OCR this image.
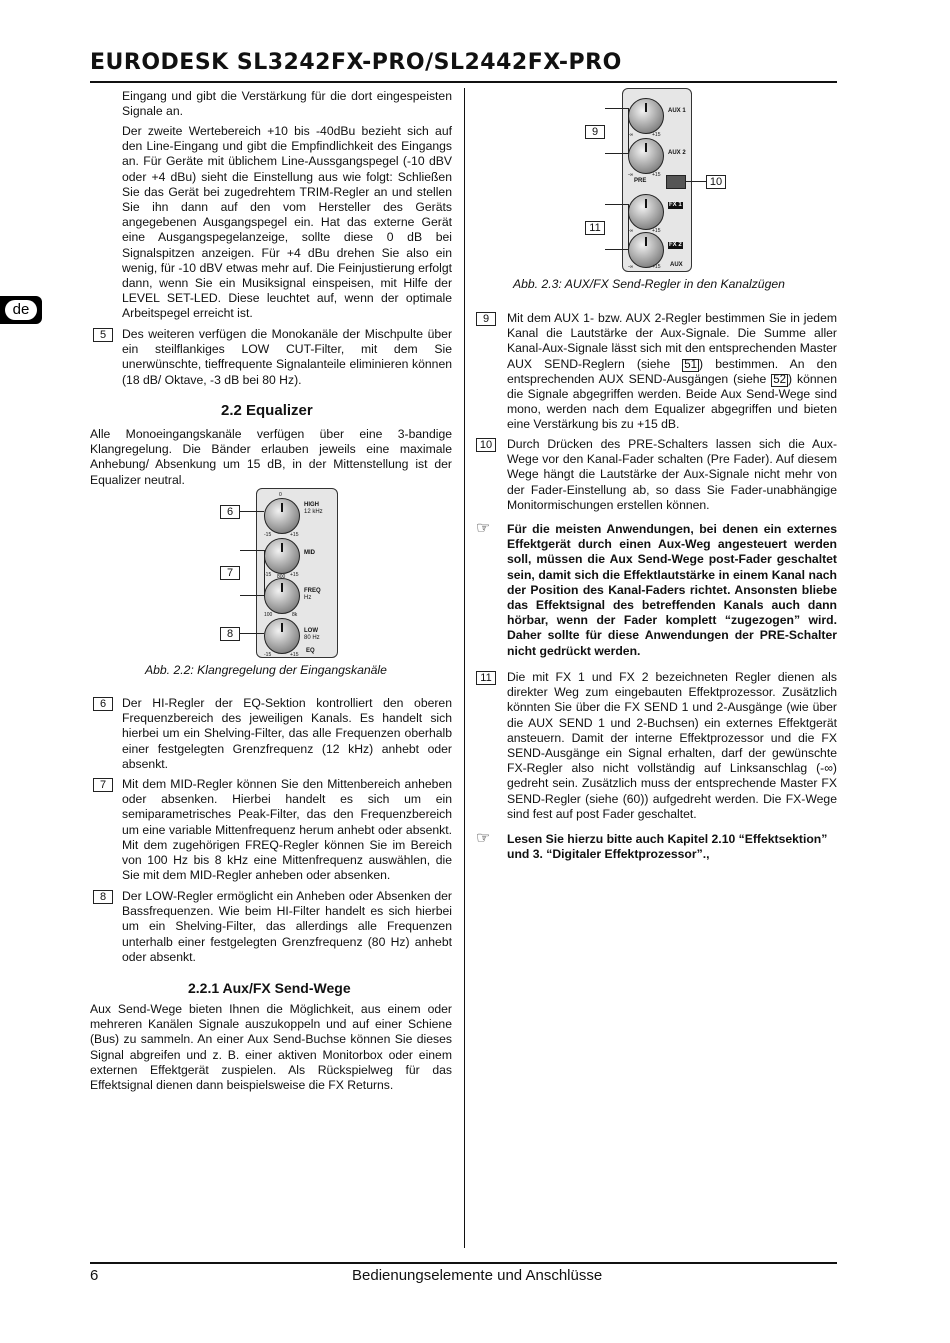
EURODESK SL3242FX-PRO/SL2442FX-PRO
de

Eingang und gibt die Verstärkung für die dort eingespeisten Signale an.

Der zweite Wertebereich +10 bis -40dBu bezieht sich auf den Line-Eingang und gibt die Empfindlichkeit des Eingangs an. Für Geräte mit üblichem Line-Aussgangspegel (-10 dBV oder +4 dBu) sieht die Einstellung aus wie folgt: Schließen Sie das Gerät bei zugedrehtem TRIM-Regler an und stellen Sie ihn dann auf den vom Hersteller des Geräts angegebenen Ausgangspegel ein. Hat das externe Gerät eine Ausgangspegelanzeige, sollte diese 0 dB bei Signalspitzen anzeigen. Für +4 dBu drehen Sie also ein wenig, für -10 dBV etwas mehr auf. Die Feinjustierung erfolgt dann, wenn Sie ein Musiksignal einspeisen, mit Hilfe der LEVEL SET-LED. Diese leuchtet auf, wenn der optimale Arbeitspegel erreicht ist.

5	Des weiteren verfügen die Monokanäle der Mischpulte über ein steilflankiges LOW CUT-Filter, mit dem Sie unerwünschte, tieffrequente Signalanteile eliminieren können (18 dB/ Oktave, -3 dB bei 80 Hz).

2.2 Equalizer

Alle Monoeingangskanäle verfügen über eine 3-bandige Klangregelung. Die Bänder erlauben jeweils eine maximale Anhebung/ Absenkung um 15 dB, in der Mittenstellung ist der Equalizer neutral.

HIGH
12 kHz
MID
FREQ
Hz
LOW
80 Hz
EQ
-15	+15
-15	+15
800
100	8k
-15	+15
0
6
7
8
Abb. 2.2: Klangregelung der Eingangskanäle
6	Der HI-Regler der EQ-Sektion kontrolliert den oberen Frequenzbereich des jeweiligen Kanals. Es handelt sich hierbei um ein Shelving-Filter, das alle Frequenzen oberhalb einer festgelegten Grenzfrequenz (12 kHz) anhebt oder absenkt.

7	Mit dem MID-Regler können Sie den Mittenbereich anheben oder absenken. Hierbei handelt es sich um ein semiparametrisches Peak-Filter, das den Frequenzbereich um eine variable Mittenfrequenz herum anhebt oder absenkt. Mit dem zugehörigen FREQ-Regler können Sie im Bereich von 100 Hz bis 8 kHz eine Mittenfrequenz auswählen, die Sie mit dem MID-Regler anheben oder absenken.

8	Der LOW-Regler ermöglicht ein Anheben oder Absenken der Bassfrequenzen. Wie beim HI-Filter handelt es sich hierbei um ein Shelving-Filter, das allerdings alle Frequenzen unterhalb einer festgelegten Grenzfrequenz (80 Hz) anhebt oder absenkt.

2.2.1 Aux/FX Send-Wege

Aux Send-Wege bieten Ihnen die Möglichkeit, aus einem oder mehreren Kanälen Signale auszukoppeln und auf einer Schiene (Bus) zu sammeln. An einer Aux Send-Buchse können Sie dieses Signal abgreifen und z. B. einer aktiven Monitorbox oder einem externen Effektgerät zuspielen. Als Rückspielweg für das Effektsignal dienen dann beispielsweise die FX Returns.

AUX 1
AUX 2
PRE
FX 1
FX 2
AUX
-∞	+15
-∞	+15
-∞	+15
-∞	+15
9
10
11
Abb. 2.3: AUX/FX Send-Regler in den Kanalzügen
9	Mit dem AUX 1- bzw. AUX 2-Regler bestimmen Sie in jedem Kanal die Lautstärke der Aux-Signale. Die Summe aller Kanal-Aux-Signale lässt sich mit den entsprechenden Master AUX SEND-Reglern (siehe 51 ) bestimmen. An den entsprechenden AUX SEND-Ausgängen (siehe 52 ) können die Signale abgegriffen werden. Beide Aux Send-Wege sind mono, werden nach dem Equalizer abgegriffen und bieten eine Verstärkung bis zu +15 dB.

10	Durch Drücken des PRE-Schalters lassen sich die Aux-Wege vor den Kanal-Fader schalten (Pre Fader). Auf diesem Wege hängt die Lautstärke der Aux-Signale nicht mehr von der Fader-Einstellung ab, so dass Sie Fader-unabhängige Monitormischungen erstellen können.

☞ Für die meisten Anwendungen, bei denen ein externes Effektgerät durch einen Aux-Weg angesteuert werden soll, müssen die Aux Send-Wege post-Fader geschaltet sein, damit sich die Effektlautstärke in einem Kanal nach der Position des Kanal-Faders richtet. Ansonsten bliebe das Effektsignal des betreffenden Kanals auch dann hörbar, wenn der Fader komplett “zugezogen” wird. Daher sollte für diese Anwendungen der PRE-Schalter nicht gedrückt werden.

11	Die mit FX 1 und FX 2 bezeichneten Regler dienen als direkter Weg zum eingebauten Effektprozessor. Zusätzlich könnten Sie über die FX SEND 1 und 2-Ausgänge (wie über die AUX SEND 1 und 2-Buchsen) ein externes Effektgerät ansteuern. Damit der interne Effektprozessor und die FX SEND-Ausgänge ein Signal erhalten, darf der gewünschte FX-Regler also nicht vollständig auf Linksanschlag (-∞) gedreht sein. Zusätzlich muss der entsprechende Master FX SEND-Regler (siehe (60)) aufgedreht werden. Die FX-Wege sind fest auf post Fader geschaltet.

☞ Lesen Sie hierzu bitte auch Kapitel 2.10 “Effektsektion” und 3. “Digitaler Effektprozessor”.,

6	Bedienungselemente und Anschlüsse
